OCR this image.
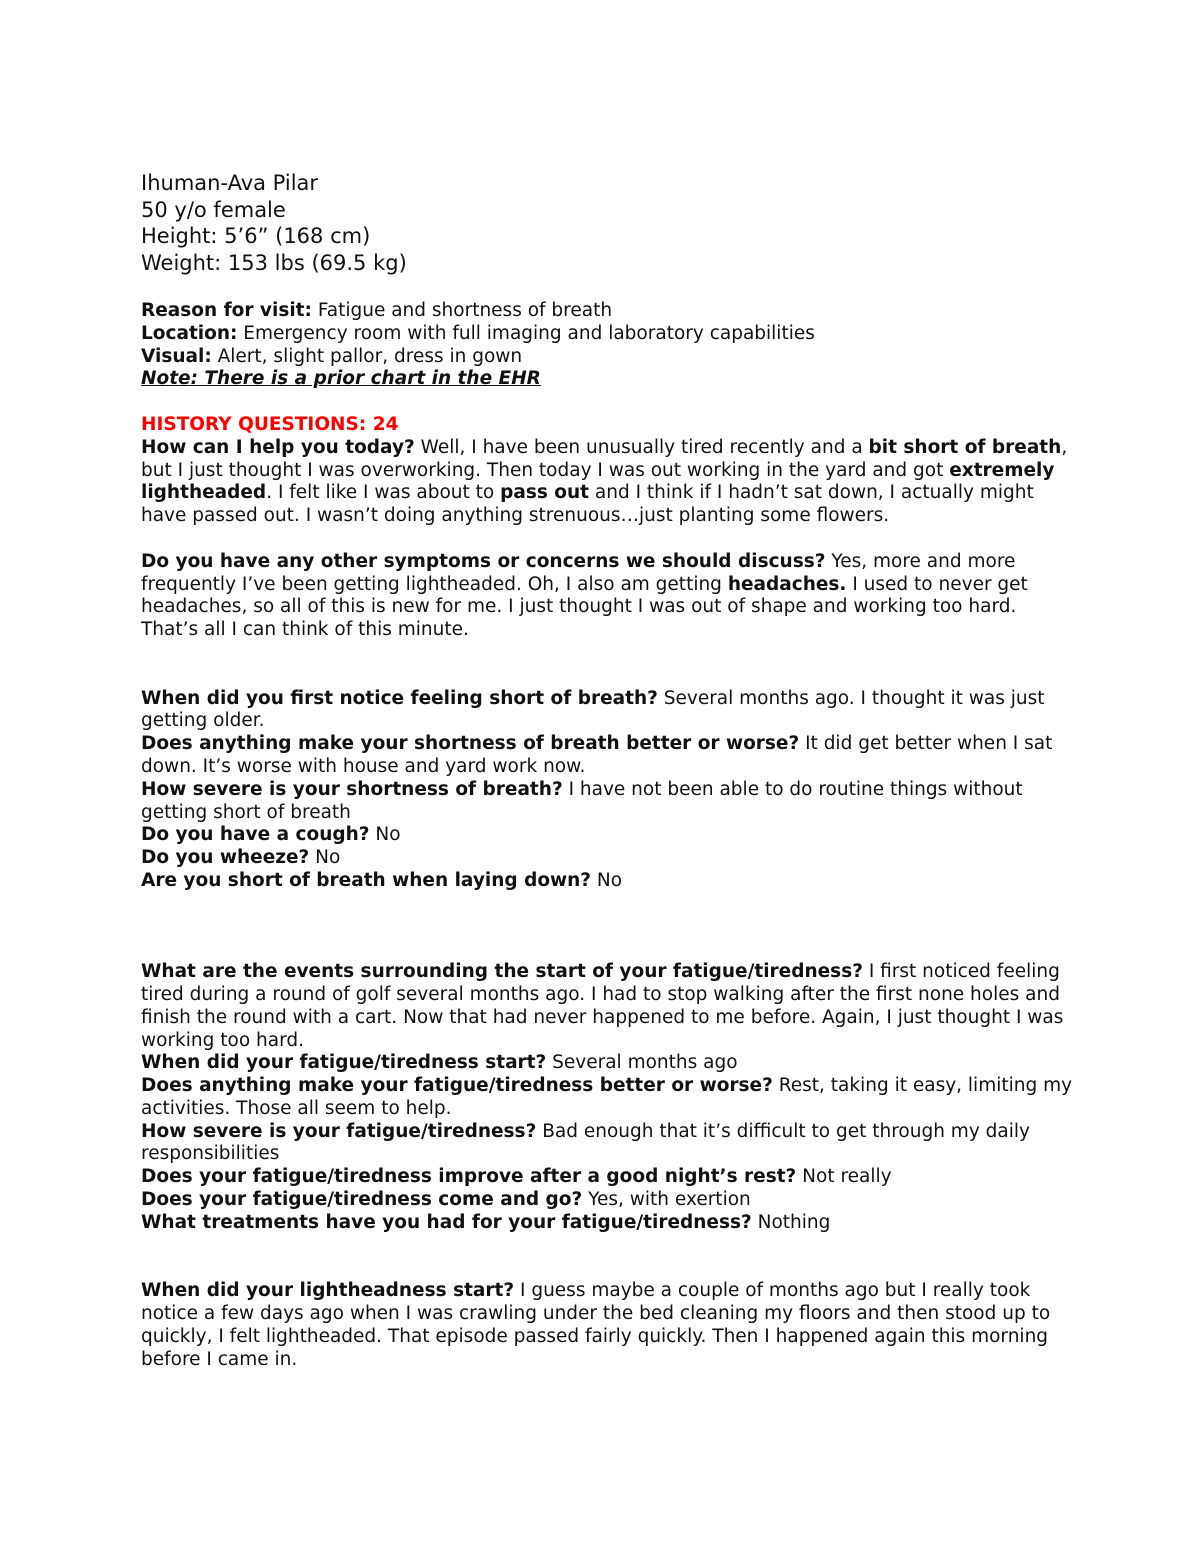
Ihuman-Ava Pilar

50 y/o female

Height: 5’6” (168 cm)

Weight: 153 lbs (69.5 kg)

Reason for visit: Fatigue and shortness of breath

Location: Emergency room with full imaging and laboratory capabilities

Visual: Alert, slight pallor, dress in gown

Note: There is a prior chart in the EHR

HISTORY QUESTIONS: 24

How can I help you today? Well, I have been unusually tired recently and a bit short of breath, but I just thought I was overworking. Then today I was out working in the yard and got extremely lightheaded. I felt like I was about to pass out and I think if I hadn’t sat down, I actually might have passed out. I wasn’t doing anything strenuous…just planting some flowers.

Do you have any other symptoms or concerns we should discuss? Yes, more and more frequently I’ve been getting lightheaded. Oh, I also am getting headaches. I used to never get headaches, so all of this is new for me. I just thought I was out of shape and working too hard. That’s all I can think of this minute.

When did you first notice feeling short of breath? Several months ago. I thought it was just getting older.

Does anything make your shortness of breath better or worse? It did get better when I sat down. It’s worse with house and yard work now.

How severe is your shortness of breath? I have not been able to do routine things without getting short of breath

Do you have a cough? No

Do you wheeze? No

Are you short of breath when laying down? No

What are the events surrounding the start of your fatigue/tiredness? I first noticed feeling tired during a round of golf several months ago. I had to stop walking after the first none holes and finish the round with a cart. Now that had never happened to me before. Again, I just thought I was working too hard.

When did your fatigue/tiredness start? Several months ago

Does anything make your fatigue/tiredness better or worse? Rest, taking it easy, limiting my activities. Those all seem to help.

How severe is your fatigue/tiredness? Bad enough that it’s difficult to get through my daily responsibilities

Does your fatigue/tiredness improve after a good night’s rest? Not really

Does your fatigue/tiredness come and go? Yes, with exertion

What treatments have you had for your fatigue/tiredness? Nothing

When did your lightheadness start? I guess maybe a couple of months ago but I really took notice a few days ago when I was crawling under the bed cleaning my floors and then stood up to quickly, I felt lightheaded. That episode passed fairly quickly. Then I happened again this morning before I came in.
